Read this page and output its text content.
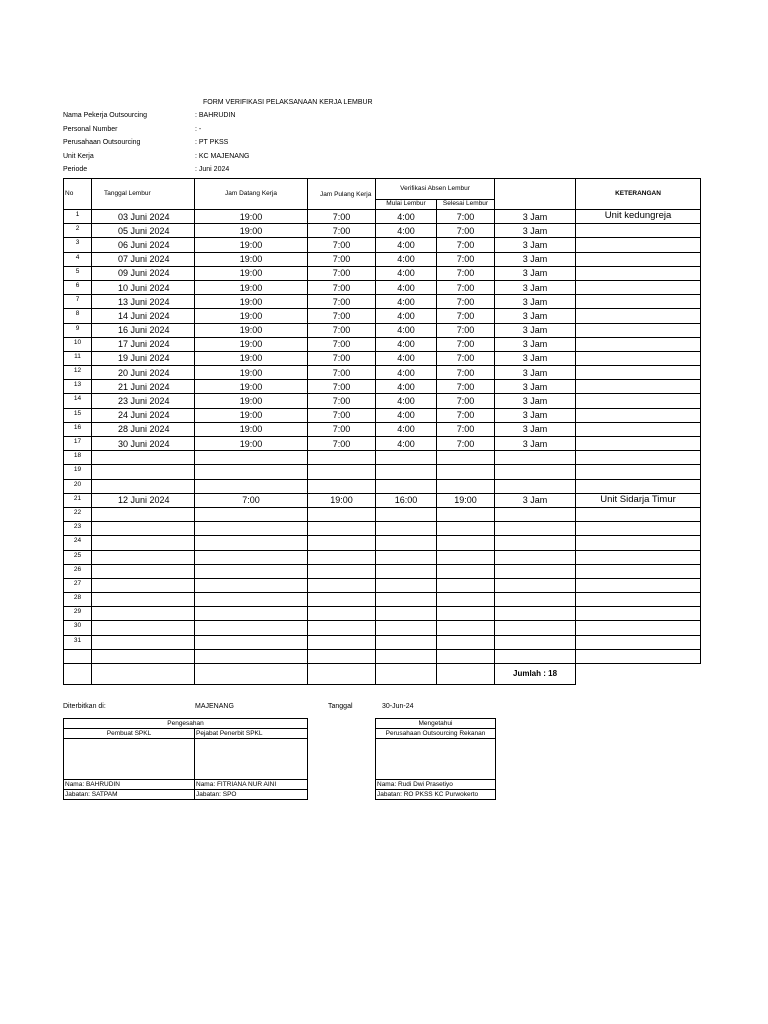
FORM VERIFIKASI PELAKSANAAN KERJA LEMBUR
Nama Pekerja Outsourcing	: BAHRUDIN
Personal Number	: -
Perusahaan Outsourcing	: PT PKSS
Unit Kerja	: KC MAJENANG
Periode	: Juni 2024
No	Tanggal Lembur	Jam Datang Kerja	Jam Pulang Kerja	Verifikasi Absen Lembur			KETERANGAN
				Mulai Lembur	Selesai Lembur		
1	03 Juni 2024	19:00	7:00	4:00	7:00	3 Jam	Unit kedungreja
2	05 Juni 2024	19:00	7:00	4:00	7:00	3 Jam	
3	06 Juni 2024	19:00	7:00	4:00	7:00	3 Jam	
4	07 Juni 2024	19:00	7:00	4:00	7:00	3 Jam	
5	09 Juni 2024	19:00	7:00	4:00	7:00	3 Jam	
6	10 Juni 2024	19:00	7:00	4:00	7:00	3 Jam	
7	13 Juni 2024	19:00	7:00	4:00	7:00	3 Jam	
8	14 Juni 2024	19:00	7:00	4:00	7:00	3 Jam	
9	16 Juni 2024	19:00	7:00	4:00	7:00	3 Jam	
10	17 Juni 2024	19:00	7:00	4:00	7:00	3 Jam	
11	19 Juni 2024	19:00	7:00	4:00	7:00	3 Jam	
12	20 Juni 2024	19:00	7:00	4:00	7:00	3 Jam	
13	21 Juni 2024	19:00	7:00	4:00	7:00	3 Jam	
14	23 Juni 2024	19:00	7:00	4:00	7:00	3 Jam	
15	24 Juni 2024	19:00	7:00	4:00	7:00	3 Jam	
16	28 Juni 2024	19:00	7:00	4:00	7:00	3 Jam	
17	30 Juni 2024	19:00	7:00	4:00	7:00	3 Jam	
18							
19							
20							
21	12 Juni 2024	7:00	19:00	16:00	19:00	3 Jam	Unit Sidarja Timur
22							
23							
24							
25							
26							
27							
28							
29							
30							
31							

						Jumlah : 18	
Diterbitkan di:	MAJENANG	Tanggal	30-Jun-24
Pengesahan	
Pembuat SPKL	Pejabat Penerbit SPKL

Nama: BAHRUDIN	Nama: FITRIANA NUR AINI
Jabatan: SATPAM	Jabatan: SPO
Mengetahui
Perusahaan Outsourcing Rekanan

Nama: Rudi Dwi Prasetiyo
Jabatan: RO PKSS KC Purwokerto
